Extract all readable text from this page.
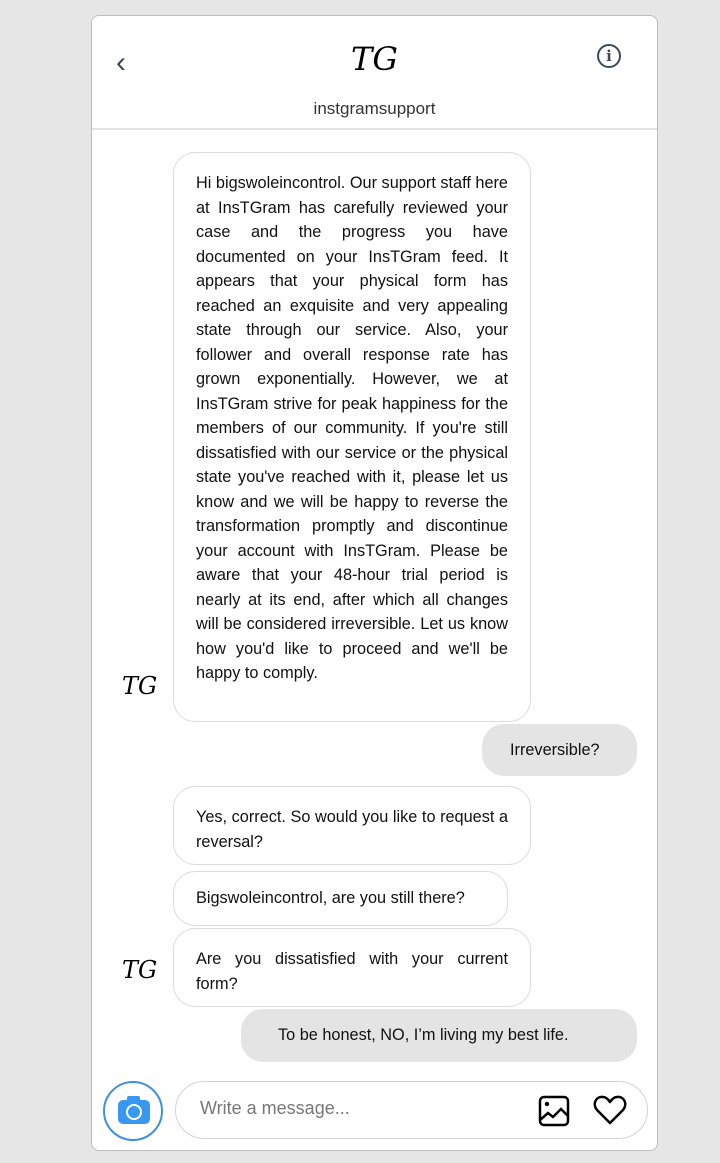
‹	TG	i
instgramsupport
Hi bigswoleincontrol. Our support staff here at InsTGram has carefully reviewed your case and the progress you have documented on your InsTGram feed. It appears that your physical form has reached an exquisite and very appealing state through our service. Also, your follower and overall response rate has grown exponentially. However, we at InsTGram strive for peak happiness for the members of our community. If you're still dissatisfied with our service or the physical state you've reached with it, please let us know and we will be happy to reverse the transformation promptly and discontinue your account with InsTGram. Please be aware that your 48-hour trial period is nearly at its end, after which all changes will be considered irreversible. Let us know how you'd like to proceed and we'll be happy to comply.
TG
Irreversible?
Yes, correct. So would you like to request a reversal?
Bigswoleincontrol, are you still there?
Are you dissatisfied with your current form?
TG
To be honest, NO, I’m living my best life.
Write a message...
